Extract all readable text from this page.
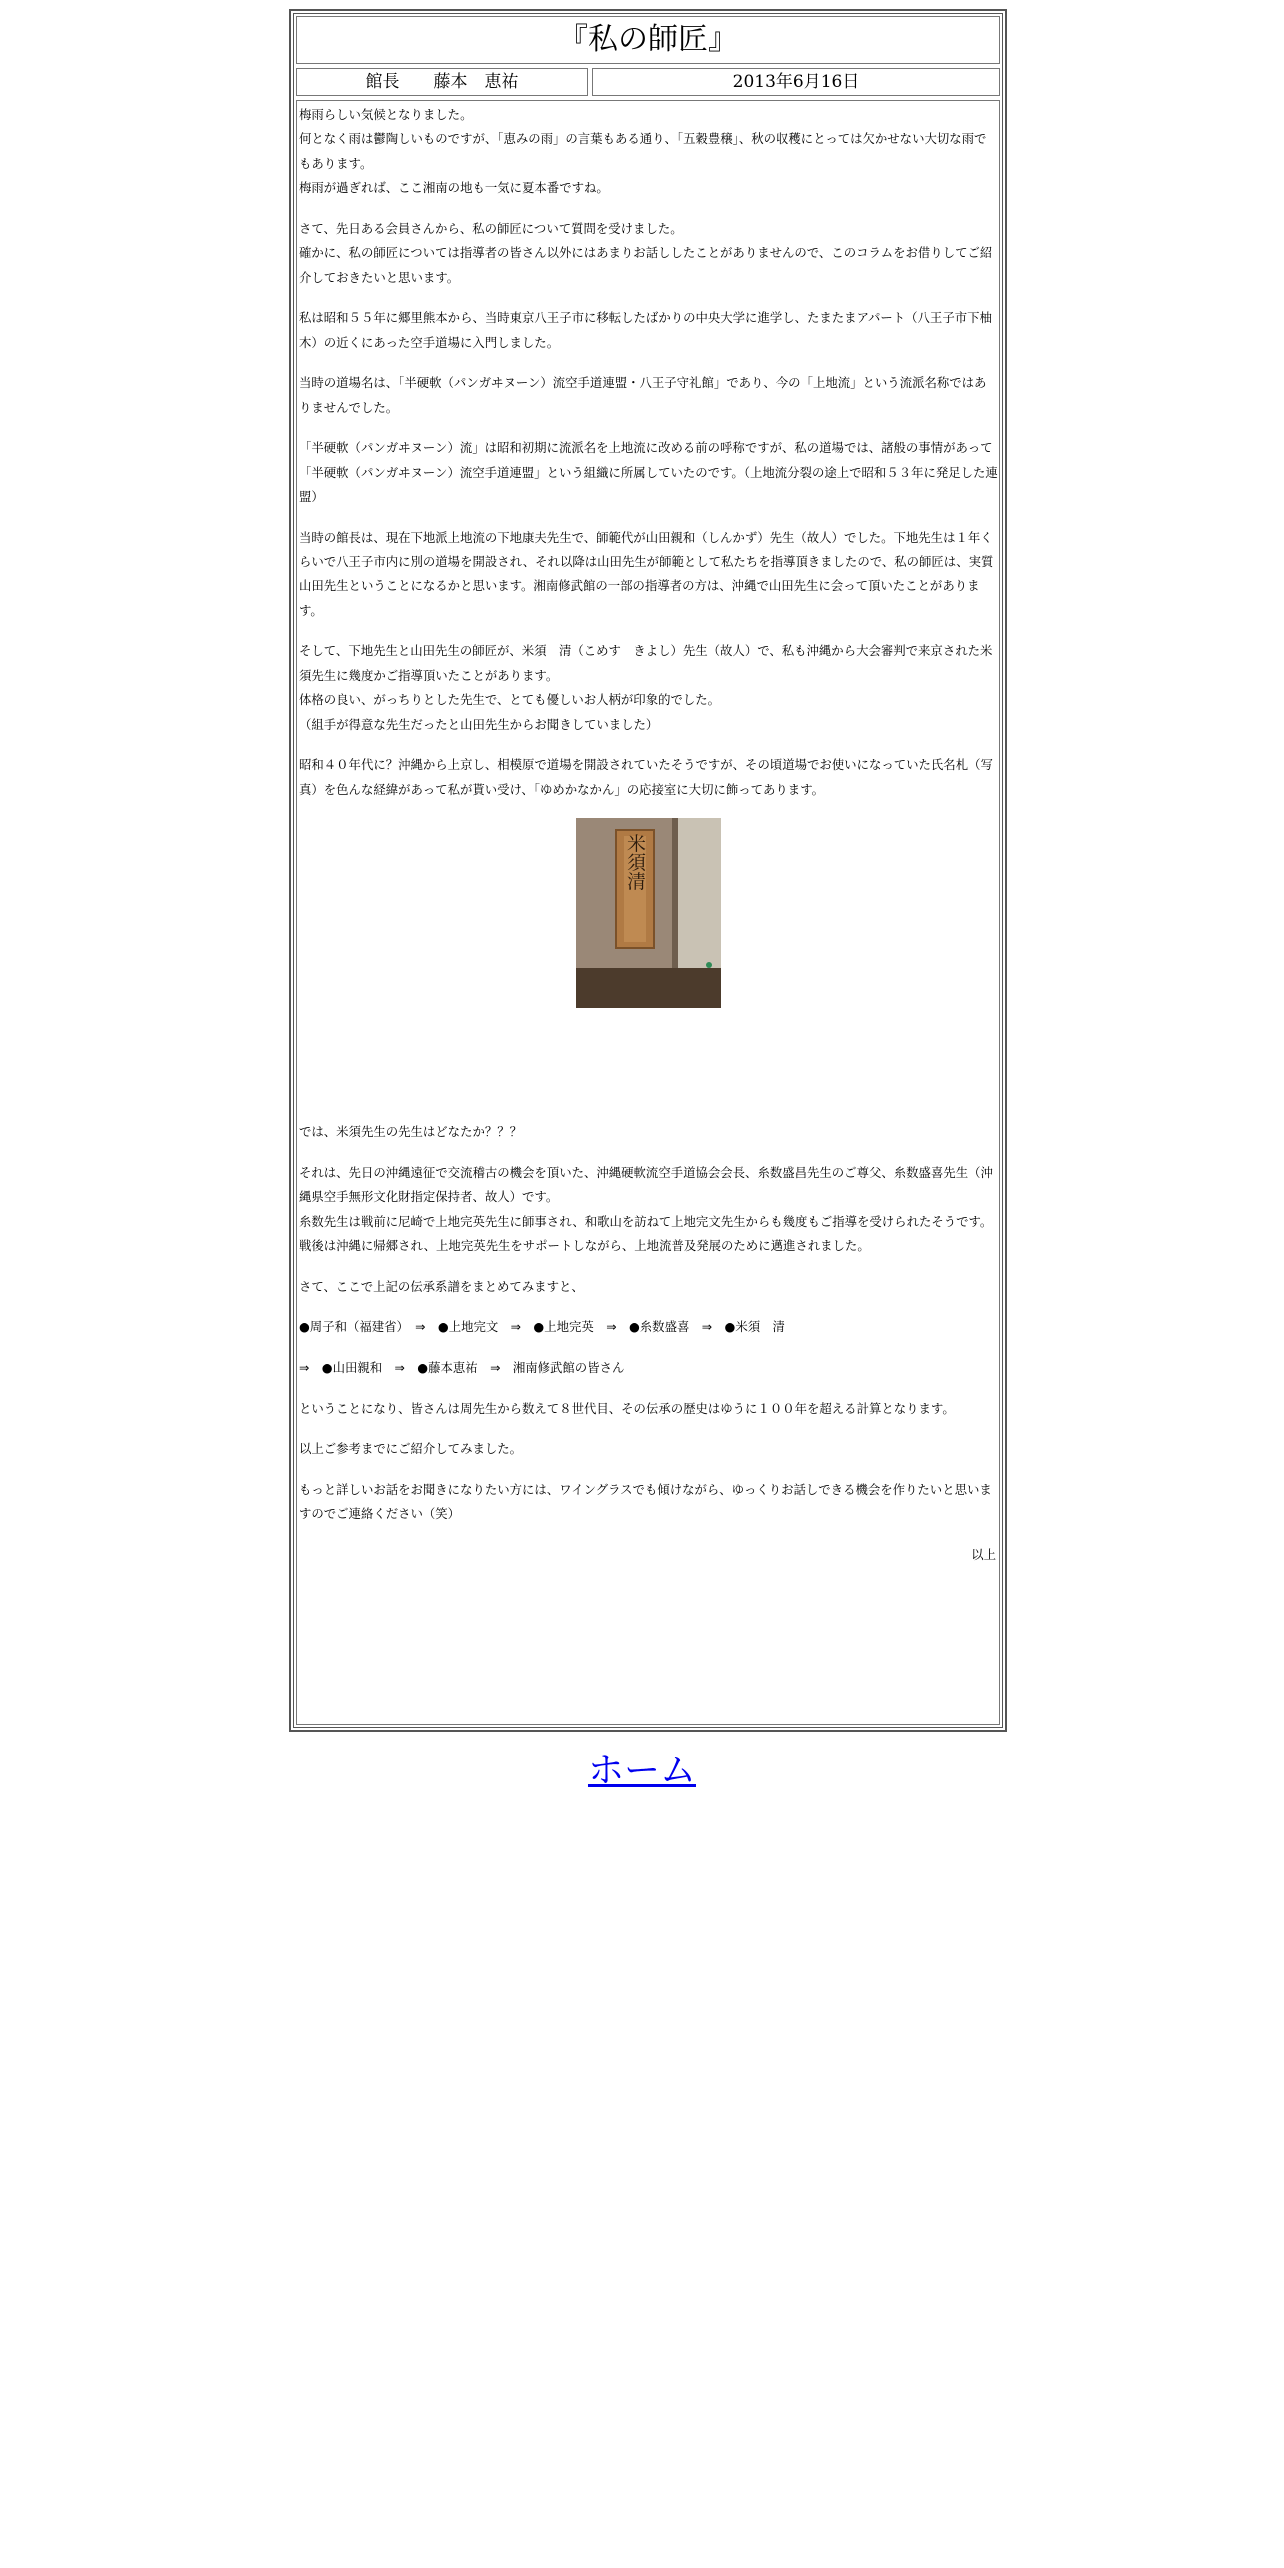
『私の師匠』
館長　　藤本　恵祐	2013年6月16日

梅雨らしい気候となりました。
何となく雨は鬱陶しいものですが、「恵みの雨」の言葉もある通り、「五穀豊穣」、秋の収穫にとっては欠かせない大切な雨でもあります。
梅雨が過ぎれば、ここ湘南の地も一気に夏本番ですね。

さて、先日ある会員さんから、私の師匠について質問を受けました。
確かに、私の師匠については指導者の皆さん以外にはあまりお話ししたことがありませんので、このコラムをお借りしてご紹介しておきたいと思います。

私は昭和５５年に郷里熊本から、当時東京八王子市に移転したばかりの中央大学に進学し、たまたまアパート（八王子市下柚木）の近くにあった空手道場に入門しました。

当時の道場名は、「半硬軟（パンガヰヌーン）流空手道連盟・八王子守礼館」であり、今の「上地流」という流派名称ではありませんでした。

「半硬軟（パンガヰヌーン）流」は昭和初期に流派名を上地流に改める前の呼称ですが、私の道場では、諸般の事情があって「半硬軟（パンガヰヌーン）流空手道連盟」という組織に所属していたのです。（上地流分裂の途上で昭和５３年に発足した連盟）

当時の館長は、現在下地派上地流の下地康夫先生で、師範代が山田親和（しんかず）先生（故人）でした。下地先生は１年くらいで八王子市内に別の道場を開設され、それ以降は山田先生が師範として私たちを指導頂きましたので、私の師匠は、実質山田先生ということになるかと思います。湘南修武館の一部の指導者の方は、沖縄で山田先生に会って頂いたことがあります。

そして、下地先生と山田先生の師匠が、米須　清（こめす　きよし）先生（故人）で、私も沖縄から大会審判で来京された米須先生に幾度かご指導頂いたことがあります。
体格の良い、がっちりとした先生で、とても優しいお人柄が印象的でした。
（組手が得意な先生だったと山田先生からお聞きしていました）

昭和４０年代に？沖縄から上京し、相模原で道場を開設されていたそうですが、その頃道場でお使いになっていた氏名札（写真）を色んな経緯があって私が貰い受け、「ゆめかなかん」の応接室に大切に飾ってあります。

米須清

では、米須先生の先生はどなたか？？？

それは、先日の沖縄遠征で交流稽古の機会を頂いた、沖縄硬軟流空手道協会会長、糸数盛昌先生のご尊父、糸数盛喜先生（沖縄県空手無形文化財指定保持者、故人）です。
糸数先生は戦前に尼崎で上地完英先生に師事され、和歌山を訪ねて上地完文先生からも幾度もご指導を受けられたそうです。
戦後は沖縄に帰郷され、上地完英先生をサポートしながら、上地流普及発展のために邁進されました。

さて、ここで上記の伝承系譜をまとめてみますと、

●周子和（福建省）　⇒　●上地完文　⇒　●上地完英　⇒　●糸数盛喜　⇒　●米須　清

⇒　●山田親和　⇒　●藤本恵祐　⇒　湘南修武館の皆さん

ということになり、皆さんは周先生から数えて８世代目、その伝承の歴史はゆうに１００年を超える計算となります。

以上ご参考までにご紹介してみました。

もっと詳しいお話をお聞きになりたい方には、ワイングラスでも傾けながら、ゆっくりお話しできる機会を作りたいと思いますのでご連絡ください（笑）

以上

ホーム
